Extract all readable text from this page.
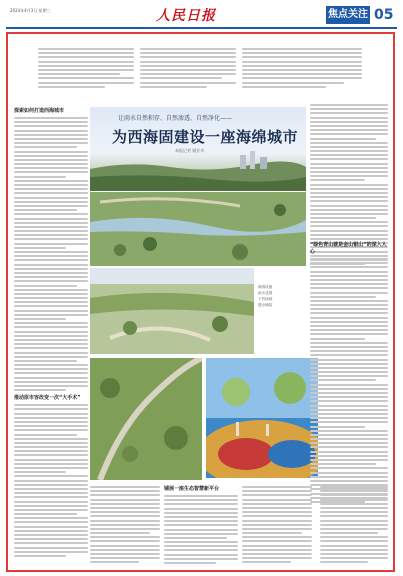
2024年4月3日 星期三	人民日报	焦点关注 05
探索如何打造西海城市
推动原市容改变一次“大手术”
让雨水自然积存、自然渗透、自然净化——
为西海固建设一座海绵城市
本报记者 姚亚奇
海绵设施
雨水花园
下凹绿地
透水铺装
“绿色青山就是金山银山”的深入人心
铺展一座生态智慧新平台
